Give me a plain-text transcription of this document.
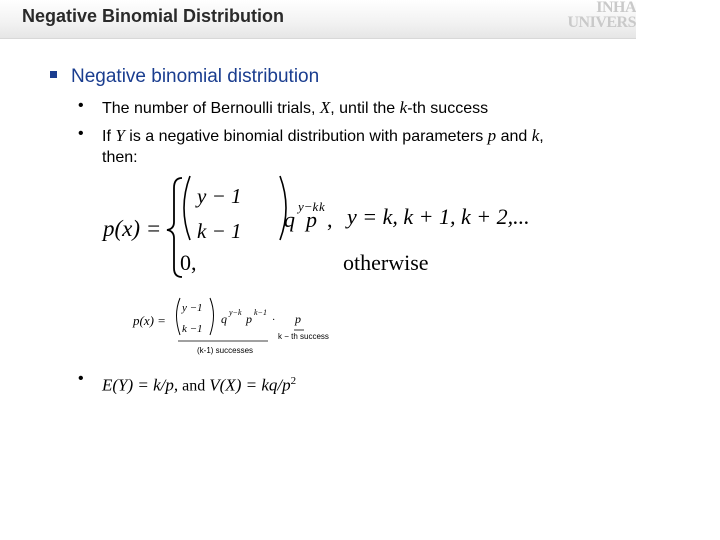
Negative Binomial Distribution	INHA
UNIVERS
Negative binomial distribution
• The number of Bernoulli trials, X, until the k-th success
• If Y is a negative binomial distribution with parameters p and k,
then:
p(x) =
y − 1
k − 1 q
y−k
p
k
, y = k, k + 1, k + 2,...
0,	otherwise
p(x) =
y −1
k −1
q y−k p k−1
· p
(k-1) successes
k − th success
• E(Y) = k/p, and $V(X) = kq/p^2$
